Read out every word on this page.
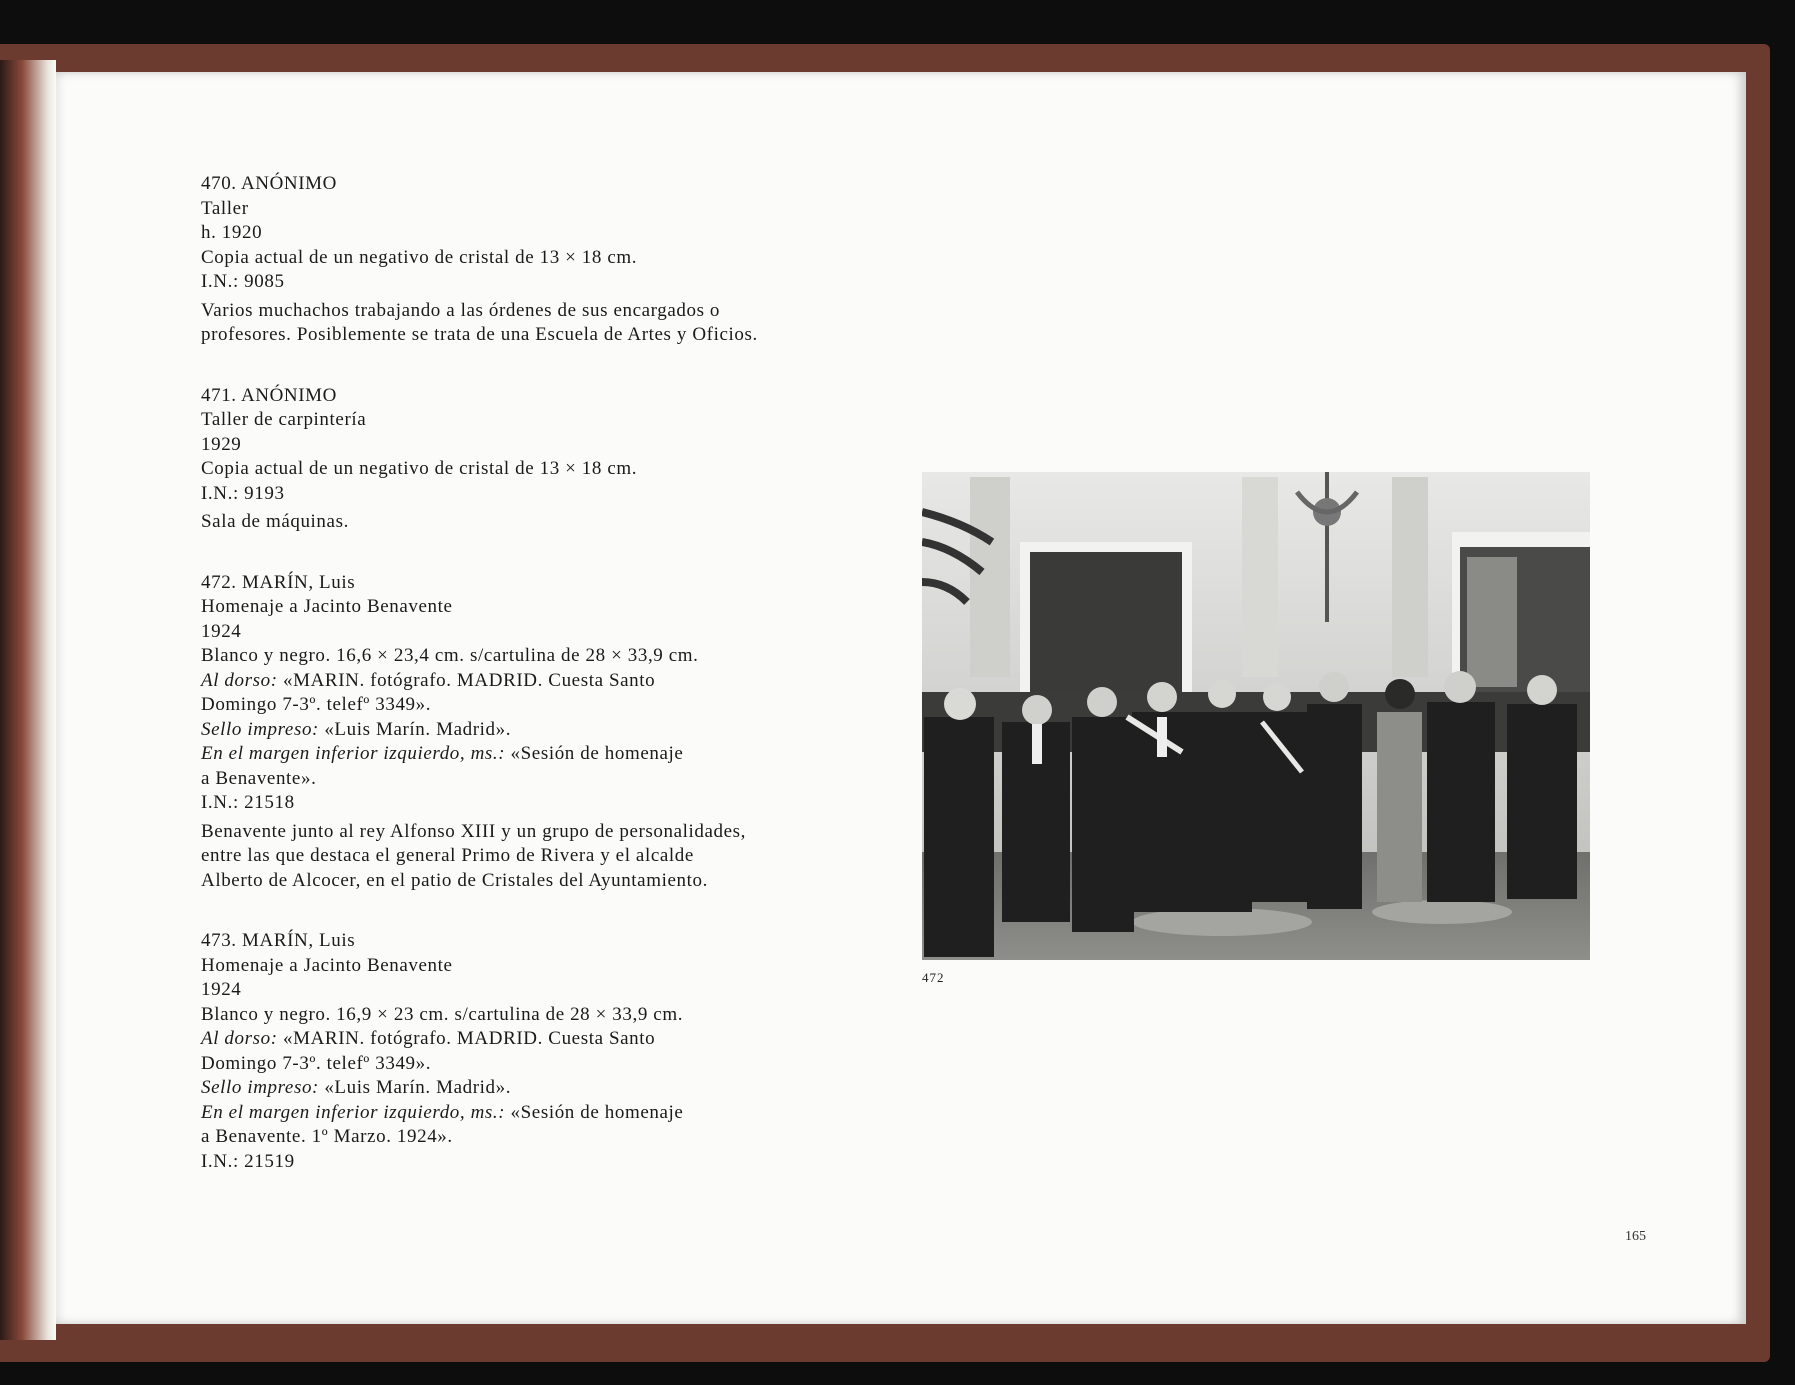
470. ANÓNIMO
Taller
h. 1920
Copia actual de un negativo de cristal de 13 × 18 cm.
I.N.: 9085
Varios muchachos trabajando a las órdenes de sus encargados o
profesores. Posiblemente se trata de una Escuela de Artes y Oficios.
471. ANÓNIMO
Taller de carpintería
1929
Copia actual de un negativo de cristal de 13 × 18 cm.
I.N.: 9193
Sala de máquinas.
472. MARÍN, Luis
Homenaje a Jacinto Benavente
1924
Blanco y negro. 16,6 × 23,4 cm. s/cartulina de 28 × 33,9 cm.
Al dorso: «MARIN. fotógrafo. MADRID. Cuesta Santo
Domingo 7-3º. telefº 3349».
Sello impreso: «Luis Marín. Madrid».
En el margen inferior izquierdo, ms.: «Sesión de homenaje
a Benavente».
I.N.: 21518
Benavente junto al rey Alfonso XIII y un grupo de personalidades,
entre las que destaca el general Primo de Rivera y el alcalde
Alberto de Alcocer, en el patio de Cristales del Ayuntamiento.
473. MARÍN, Luis
Homenaje a Jacinto Benavente
1924
Blanco y negro. 16,9 × 23 cm. s/cartulina de 28 × 33,9 cm.
Al dorso: «MARIN. fotógrafo. MADRID. Cuesta Santo
Domingo 7-3º. telefº 3349».
Sello impreso: «Luis Marín. Madrid».
En el margen inferior izquierdo, ms.: «Sesión de homenaje
a Benavente. 1º Marzo. 1924».
I.N.: 21519
472
165
